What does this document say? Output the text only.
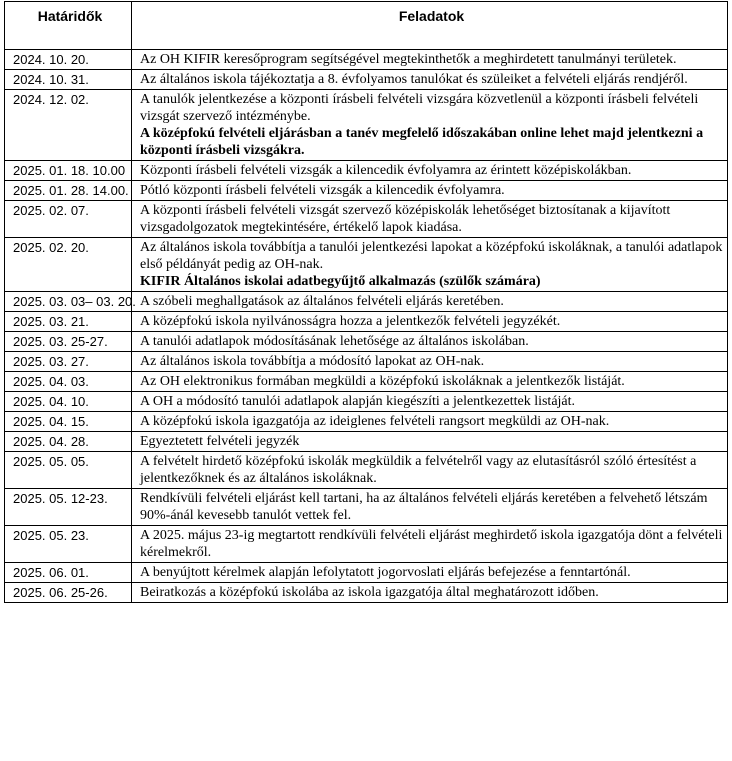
Határidők	Feladatok
2024. 10. 20.	Az OH KIFIR keresőprogram segítségével megtekinthetők a meghirdetett tanulmányi területek.

2024. 10. 31.	Az általános iskola tájékoztatja a 8. évfolyamos tanulókat és szüleiket a felvételi eljárás rendjéről.

2024. 12. 02.	A tanulók jelentkezése a központi írásbeli felvételi vizsgára közvetlenül a központi írásbeli felvételi vizsgát szervező intézménybe.
A középfokú felvételi eljárásban a tanév megfelelő időszakában online lehet majd jelentkezni a központi írásbeli vizsgákra.

2025. 01. 18. 10.00	Központi írásbeli felvételi vizsgák a kilencedik évfolyamra az érintett középiskolákban.

2025. 01. 28. 14.00.	Pótló központi írásbeli felvételi vizsgák a kilencedik évfolyamra.

2025. 02. 07.	A központi írásbeli felvételi vizsgát szervező középiskolák lehetőséget biztosítanak a kijavított vizsgadolgozatok megtekintésére, értékelő lapok kiadása.

2025. 02. 20.	Az általános iskola továbbítja a tanulói jelentkezési lapokat a középfokú iskoláknak, a tanulói adatlapok első példányát pedig az OH-nak.
KIFIR Általános iskolai adatbegyűjtő alkalmazás (szülők számára)

2025. 03. 03– 03. 20.	A szóbeli meghallgatások az általános felvételi eljárás keretében.

2025. 03. 21.	A középfokú iskola nyilvánosságra hozza a jelentkezők felvételi jegyzékét.

2025. 03. 25-27.	A tanulói adatlapok módosításának lehetősége az általános iskolában.

2025. 03. 27.	Az általános iskola továbbítja a módosító lapokat az OH-nak.

2025. 04. 03.	Az OH elektronikus formában megküldi a középfokú iskoláknak a jelentkezők listáját.

2025. 04. 10.	A OH a módosító tanulói adatlapok alapján kiegészíti a jelentkezettek listáját.

2025. 04. 15.	A középfokú iskola igazgatója az ideiglenes felvételi rangsort megküldi az OH-nak.

2025. 04. 28.	Egyeztetett felvételi jegyzék

2025. 05. 05.	A felvételt hirdető középfokú iskolák megküldik a felvételről vagy az elutasításról szóló értesítést a jelentkezőknek és az általános iskoláknak.

2025. 05. 12-23.	Rendkívüli felvételi eljárást kell tartani, ha az általános felvételi eljárás keretében a felvehető létszám 90%-ánál kevesebb tanulót vettek fel.

2025. 05. 23.	A 2025. május 23-ig megtartott rendkívüli felvételi eljárást meghirdető iskola igazgatója dönt a felvételi kérelmekről.

2025. 06. 01.	A benyújtott kérelmek alapján lefolytatott jogorvoslati eljárás befejezése a fenntartónál.

2025. 06. 25-26.	Beiratkozás a középfokú iskolába az iskola igazgatója által meghatározott időben.
